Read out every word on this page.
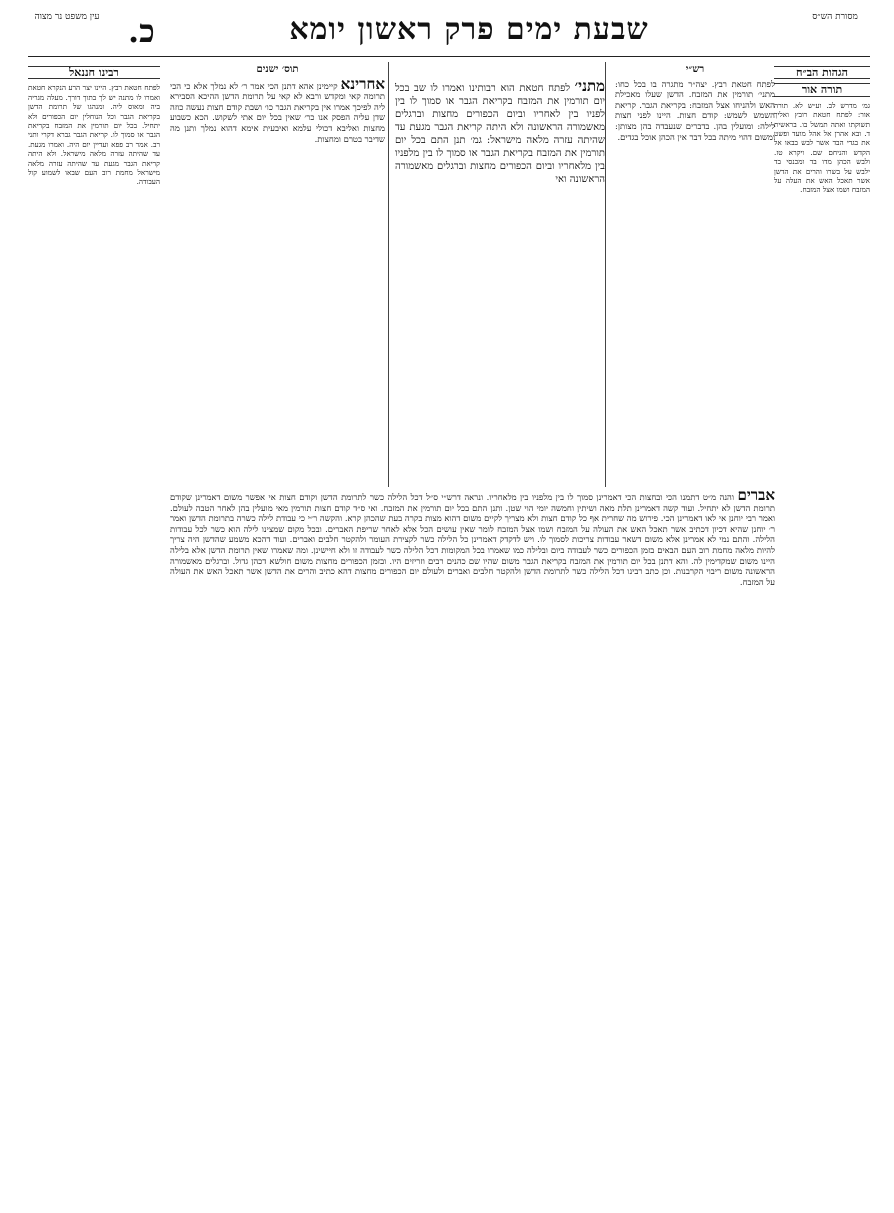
עין משפט נר מצוה כ.	שבעת ימים פרק ראשון יומא	מסורת הש״ס
הגהות הב״ח
תורה אור
גמ׳ מדרש לב. וע״ש לא. תורה אור: לפתח חטאת רובץ ואליך תשוקתו ואתה תמשל בו. בראשית ד. ובא אהרן אל אהל מועד ופשט את בגדי הבד אשר לבש בבאו אל הקדש והניחם שם. ויקרא טז. ולבש הכהן מדו בד ומכנסי בד ילבש על בשרו והרים את הדשן אשר תאכל האש את העלה על המזבח ושמו אצל המזבח.
רש״י
לפתח חטאת רבץ. יצה״ר מתגרה בו בכל כחו: מתני׳ תורמין את המזבח. הדשן שעלו מאכילת האש ולהניחו אצל המזבח: בקריאת הגבר. קריאת השמש לשמש: קודם חצות. היינו לפני חצות לילה: ומועלין בהן. בדברים שנעבדה בהן מצותן: ומשום דהוי מיתה בכל דבר אין הכהן אוכל בגדים.
מתני׳ לפתח חטאת הוא רבותינו ואמרו לו שב בכל יום תורמין את המזבח בקריאת הגבר או סמוך לו בין לפניו בין לאחריו וביום הכפורים מחצות וברגלים מאשמורה הראשונה ולא היתה קריאת הגבר מגעת עד שהיתה עזרה מלאה מישראל: גמ׳ תנן התם בכל יום תורמין את המזבח בקריאת הגבר או סמוך לו בין מלפניו בין מלאחריו וביום הכפורים מחצות וברגלים מאשמורה הראשונה ואי
תוס׳ ישנים
אחרינא קיימינן אהא דתנן הכי אמר ר׳ לא נמלך אלא כי הכי תרומה קאי ומקדש ורבא לא קאי על תרומת הדשן ההיכא הסבירא ליה לפיכך אמרו אין בקריאת הגבר כו׳ ושבת קודם חצות נעשה כוזה שדן עליה הפסק אנו כר׳ שאין בכל יום אתי לשקוש. הכא כשבוע מחצות ואליבא דכולי עלמא ואיבעית אימא דהוא נמלך ותנן מה שדיבר בטרם ומחצות.
רבינו חננאל
לפתח חטאת רבץ. היינו יצר הרע הנקרא חטאת ואמרו לו מתנה יש לך בתוך דורך. מעלה מגריה ביה ומאוס ליה. ומנהגו של תרומת הדשן בקריאת הגבר וכל הנוחלין יום הכפורים ולא יתחיל. בכל יום תורמין את המזבח בקריאת הגבר או סמוך לו. קריאת הגבר גברא דקרי ותני רב. אמר רב פפא ועדיין יום היה. ואמרו מגעת. עד שהיתה עזרה מלאה מישראל. ולא היתה קריאת הגבר מגעת עד שהיתה עזרה מלאה מישראל מחמת רוב העם שבאו לשמוע קול העבודה.
אברים והנה מ״ט דתמנו הכי ובחצות הכי דאמרינן סמוך לו בין מלפניו בין מלאחריו. ונראה דרש״י ס״ל דכל הלילה כשר לתרומת הדשן וקודם חצות אי אפשר משום דאמרינן שקודם תרומת הדשן לא יתחיל. ועוד קשה דאמרינן תלת מאה ושיתין וחמשה יומי הוי שטן. ותנן התם בכל יום תורמין את המזבח. ואי ס״ד קודם חצות תורמין מאי מועלין בהן לאחר הטבה לעולם. ואמר רבי יוחנן אי לאו דאמרינן הכי. פירוש מה שחרית אף כל קודם חצות ולא מצריך לקיים משום דהוא מצות בקרה בעת שהכהן קרא. והקשה ר״י כי עבודת לילה כשרה בתרומת הדשן ואמר ר׳ יוחנן שהיא דכיון דכתיב אשר תאכל האש את העולה על המזבח ושמו אצל המזבח לומר שאין עושים הכל אלא לאחר שריפת האברים. ובכל מקום שמצינו לילה הוא כשר לכל עבודות הלילה. והתם נמי לא אמרינן אלא משום דשאר עבודות צריכות לסמוך לו. ויש לדקדק דאמרינן כל הלילה כשר לקצירת העומר ולהקטר חלבים ואברים. ועוד דהכא משמע שהדשן היה צריך להיות מלאה מחמת רוב העם הבאים בזמן הכפורים כשר לעבודה ביום ובלילה כמו שאמרו בכל המקומות דכל הלילה כשר לעבודה זו ולא חיישינן. ומה שאמרו שאין תרומת הדשן אלא בלילה היינו משום שמקדימין לה. והא דתנן בכל יום תורמין את המזבח בקריאת הגבר משום שהיו שם כהנים רבים וזריזים היו. ובזמן הכפורים מחצות משום חולשא דכהן גדול. וברגלים מאשמורה הראשונה משום ריבוי הקרבנות. וכן כתב רבינו דכל הלילה כשר לתרומת הדשן ולהקטר חלבים ואברים ולעולם יום הכפורים מחצות דהא כתיב והרים את הדשן אשר תאכל האש את העולה על המזבח.
